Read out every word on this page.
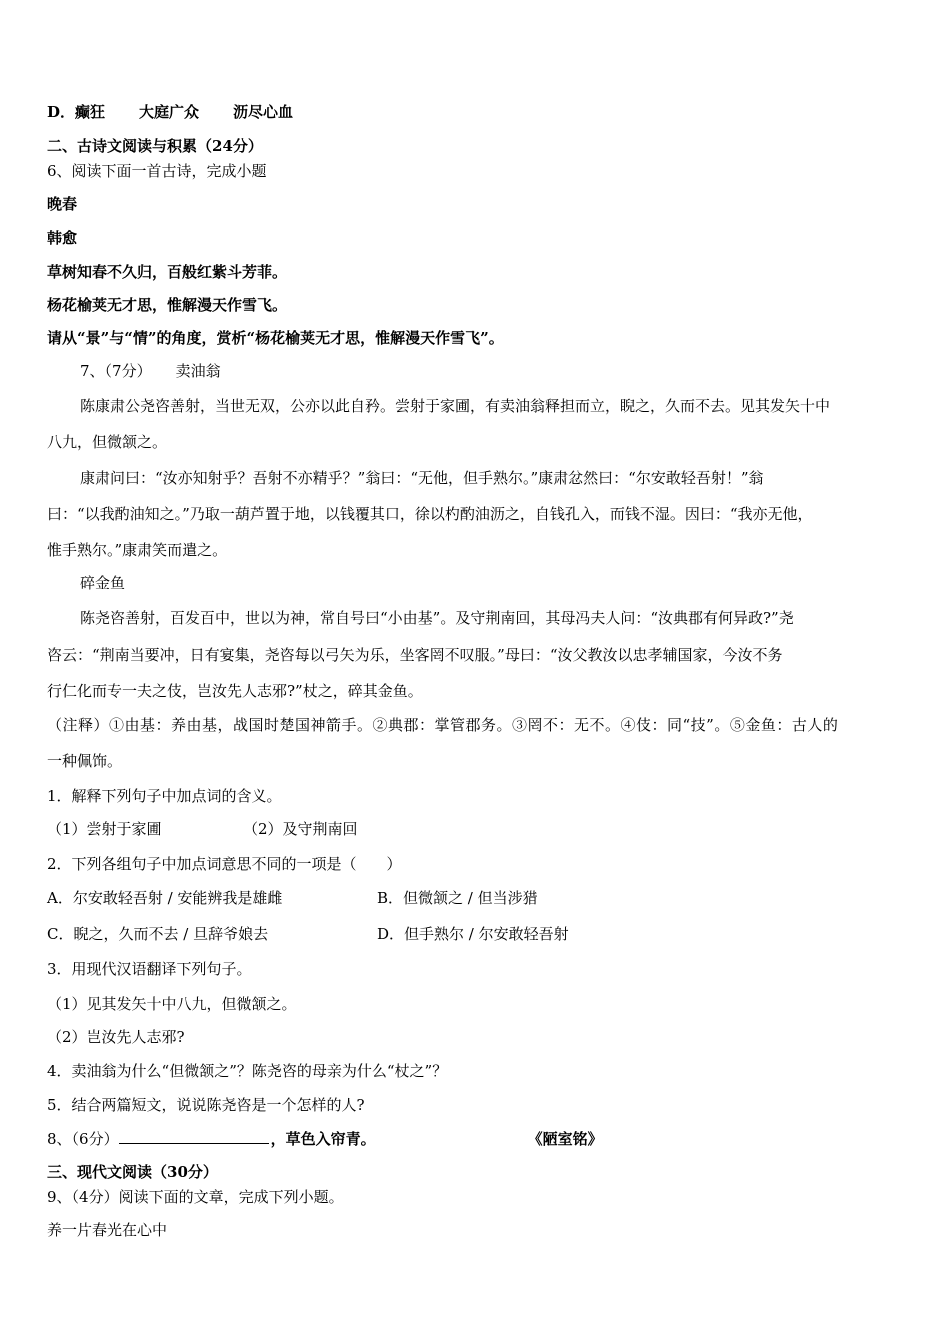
D．癫狂 大庭广众 沥尽心血
二、古诗文阅读与积累（24分）
6、阅读下面一首古诗，完成小题
晚春
韩愈
草树知春不久归，百般红紫斗芳菲。
杨花榆荚无才思，惟解漫天作雪飞。
请从“景”与“情”的角度，赏析“杨花榆荚无才思，惟解漫天作雪飞”。
7、（7分） 卖油翁
陈康肃公尧咨善射，当世无双，公亦以此自矜。尝射于家圃，有卖油翁释担而立，睨之，久而不去。见其发矢十中
八九，但微颔之。
康肃问曰：“汝亦知射乎？吾射不亦精乎？”翁曰：“无他，但手熟尔。”康肃忿然曰：“尔安敢轻吾射！”翁
曰：“以我酌油知之。”乃取一葫芦置于地，以钱覆其口，徐以杓酌油沥之，自钱孔入，而钱不湿。因曰：“我亦无他，
惟手熟尔。”康肃笑而遣之。
碎金鱼
陈尧咨善射，百发百中，世以为神，常自号曰“小由基”。及守荆南回，其母冯夫人问：“汝典郡有何异政?”尧
咨云：“荆南当要冲，日有宴集，尧咨每以弓矢为乐，坐客罔不叹服。”母曰：“汝父教汝以忠孝辅国家，今汝不务
行仁化而专一夫之伎，岂汝先人志邪?”杖之，碎其金鱼。
（注释）①由基：养由基，战国时楚国神箭手。②典郡：掌管郡务。③罔不：无不。④伎：同“技”。⑤金鱼：古人的
一种佩饰。
1．解释下列句子中加点词的含义。
（1）尝射于家圃	（2）及守荆南回
2．下列各组句子中加点词意思不同的一项是（　　）
A．尔安敢轻吾射 / 安能辨我是雄雌	B．但微颔之 / 但当涉猎
C．睨之，久而不去 / 旦辞爷娘去	D．但手熟尔 / 尔安敢轻吾射
3．用现代汉语翻译下列句子。
（1）见其发矢十中八九，但微颔之。
（2）岂汝先人志邪?
4．卖油翁为什么“但微颔之”？陈尧咨的母亲为什么“杖之”？
5．结合两篇短文，说说陈尧咨是一个怎样的人?
8、（6分）	，草色入帘青。	《陋室铭》
三、现代文阅读（30分）
9、（4分）阅读下面的文章，完成下列小题。
养一片春光在心中
